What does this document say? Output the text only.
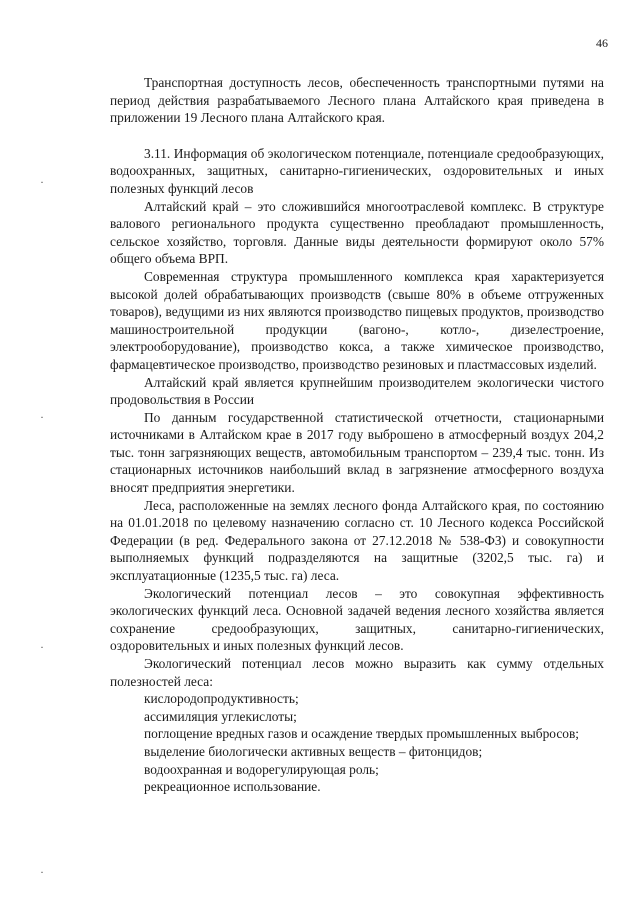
46

Транспортная доступность лесов, обеспеченность транспортными путями на период действия разрабатываемого Лесного плана Алтайского края приведена в приложении 19 Лесного плана Алтайского края.

3.11. Информация об экологическом потенциале, потенциале средообразующих, водоохранных, защитных, санитарно-гигиенических, оздоровительных и иных полезных функций лесов

Алтайский край – это сложившийся многоотраслевой комплекс. В структуре валового регионального продукта существенно преобладают промышленность, сельское хозяйство, торговля. Данные виды деятельности формируют около 57% общего объема ВРП.

Современная структура промышленного комплекса края характеризуется высокой долей обрабатывающих производств (свыше 80% в объеме отгруженных товаров), ведущими из них являются производство пищевых продуктов, производство машиностроительной продукции (вагоно-, котло-, дизелестроение, электрооборудование), производство кокса, а также химическое производство, фармацевтическое производство, производство резиновых и пластмассовых изделий.

Алтайский край является крупнейшим производителем экологически чистого продовольствия в России

По данным государственной статистической отчетности, стационарными источниками в Алтайском крае в 2017 году выброшено в атмосферный воздух 204,2 тыс. тонн загрязняющих веществ, автомобильным транспортом – 239,4 тыс. тонн. Из стационарных источников наибольший вклад в загрязнение атмосферного воздуха вносят предприятия энергетики.

Леса, расположенные на землях лесного фонда Алтайского края, по состоянию на 01.01.2018 по целевому назначению согласно ст. 10 Лесного кодекса Российской Федерации (в ред. Федерального закона от 27.12.2018 № 538-ФЗ) и совокупности выполняемых функций подразделяются на защитные (3202,5 тыс. га) и эксплуатационные (1235,5 тыс. га) леса.

Экологический потенциал лесов – это совокупная эффективность экологических функций леса. Основной задачей ведения лесного хозяйства является сохранение средообразующих, защитных, санитарно-гигиенических, оздоровительных и иных полезных функций лесов.

Экологический потенциал лесов можно выразить как сумму отдельных полезностей леса:

кислородопродуктивность;

ассимиляция углекислоты;

поглощение вредных газов и осаждение твердых промышленных выбросов;

выделение биологически активных веществ – фитонцидов;

водоохранная и водорегулирующая роль;

рекреационное использование.

·
·
·
·
